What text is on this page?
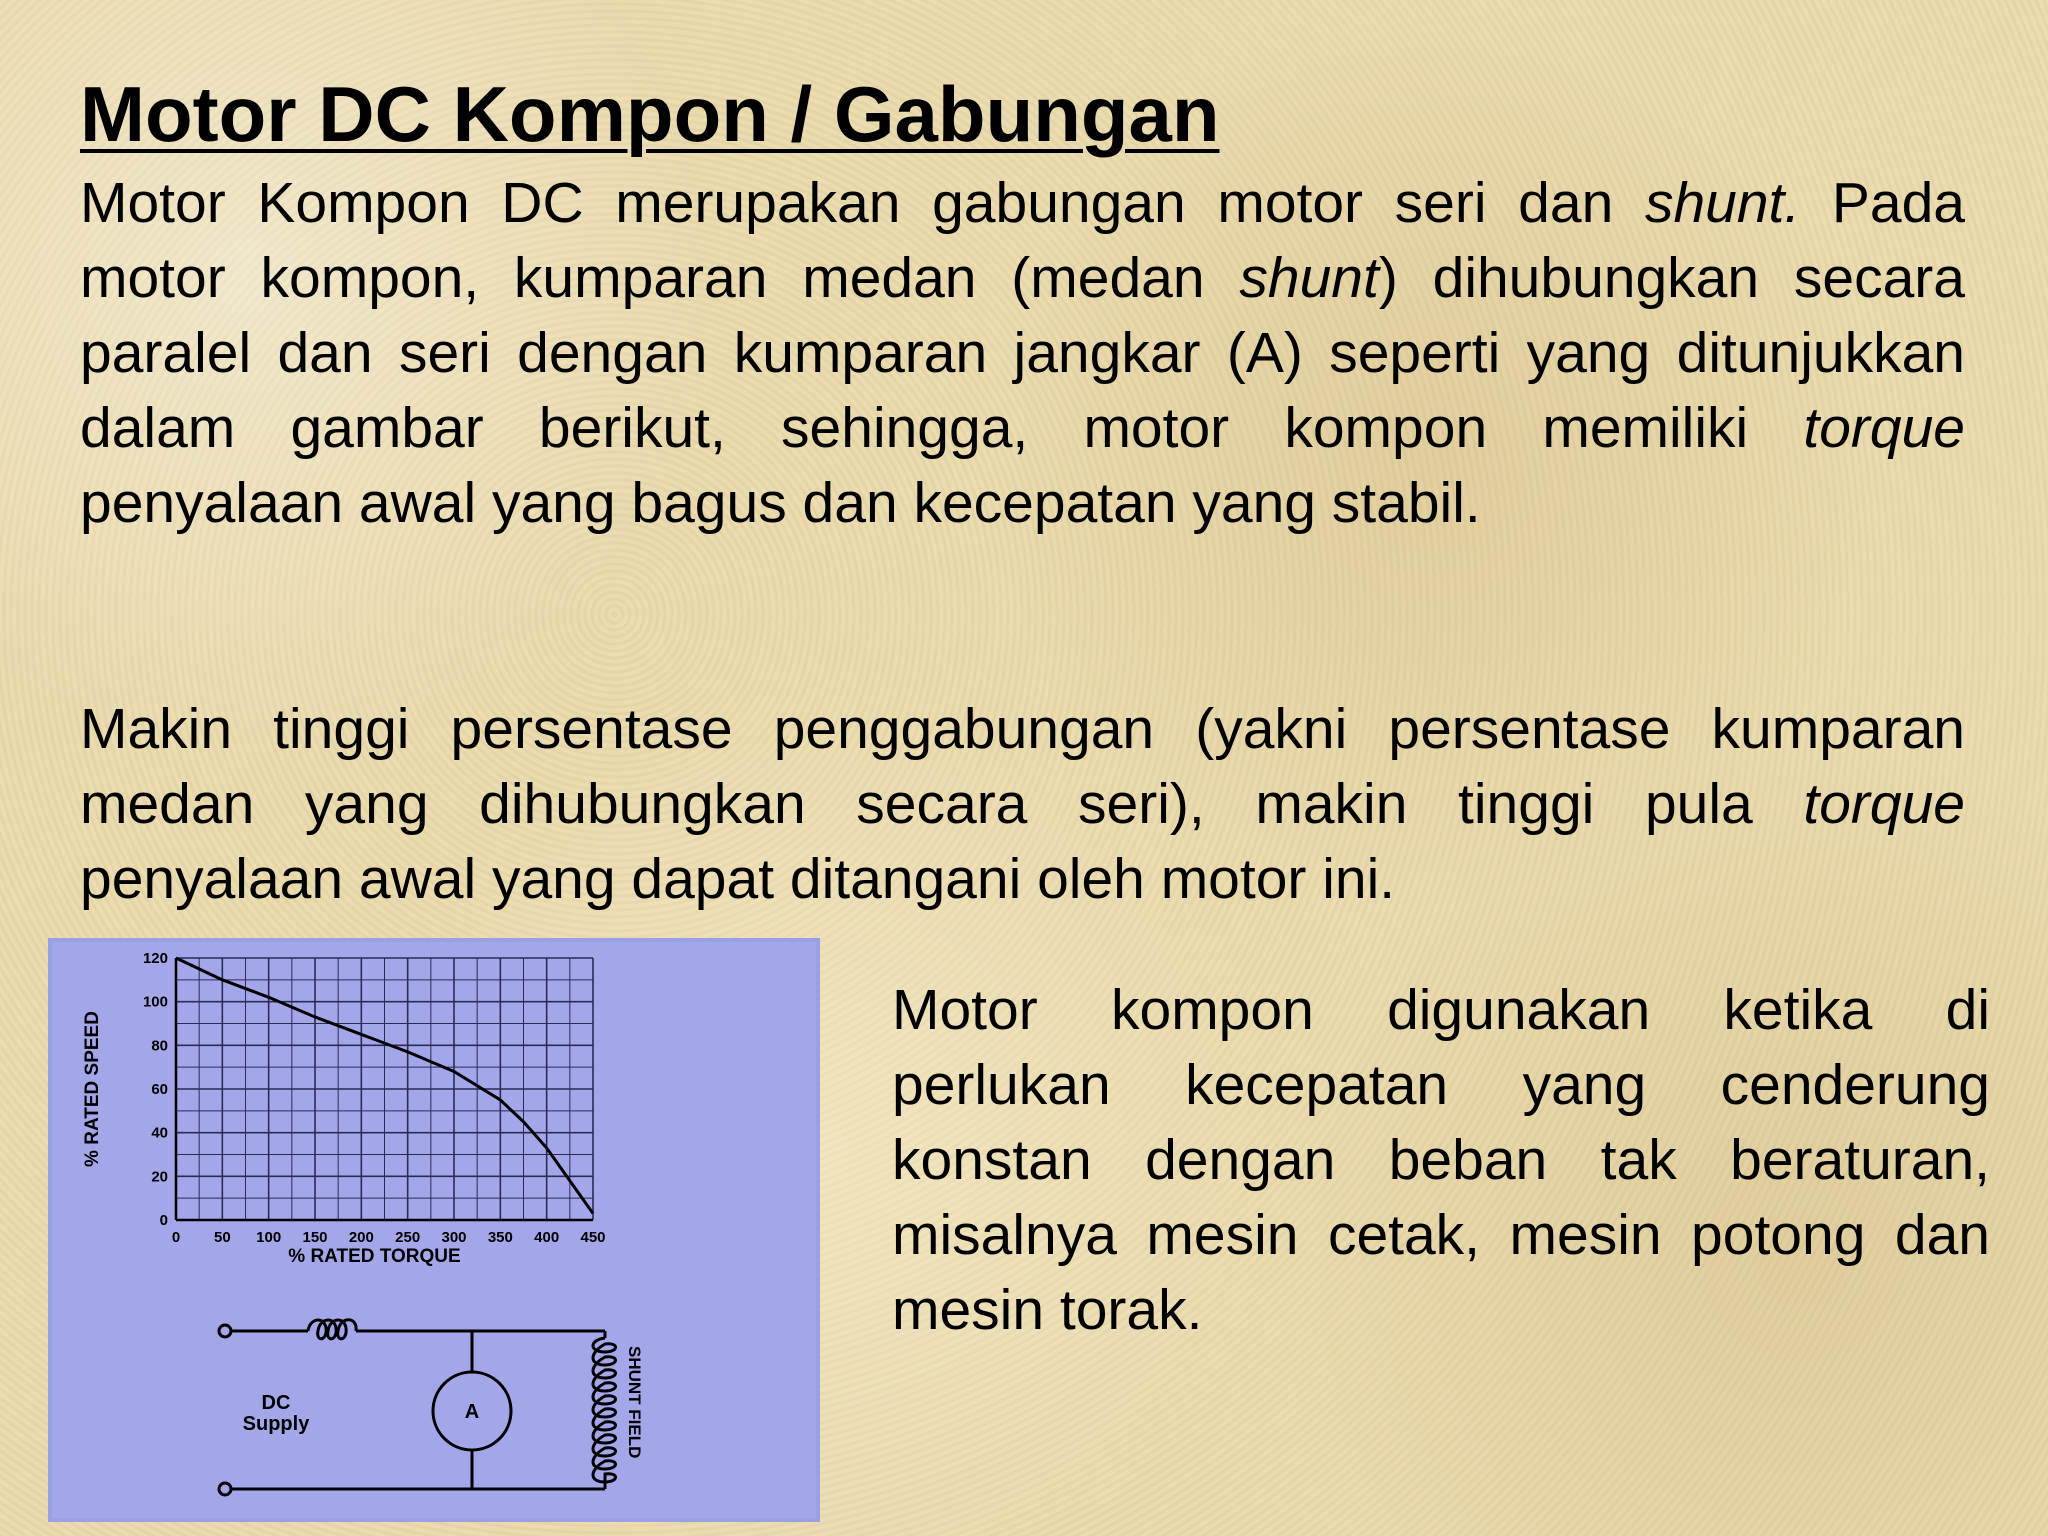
Motor DC Kompon / Gabungan

Motor Kompon DC merupakan gabungan motor seri dan shunt. Pada motor kompon, kumparan medan (medan shunt) dihubungkan secara paralel dan seri dengan kumparan jangkar (A) seperti yang ditunjukkan dalam gambar berikut, sehingga, motor kompon memiliki torque penyalaan awal yang bagus dan kecepatan yang stabil.

Makin tinggi persentase penggabungan (yakni persentase kumparan medan yang dihubungkan secara seri), makin tinggi pula torque penyalaan awal yang dapat ditangani oleh motor ini.

Motor kompon digunakan ketika di perlukan kecepatan yang cenderung konstan dengan beban tak beraturan, misalnya mesin cetak, mesin potong dan mesin torak.

0 50 100 150 200 250 300 350 400 450
0
20
40
60
80
100
120
% RATED TORQUE
% RATED SPEED
DC
Supply
A	SHUNT FIELD
